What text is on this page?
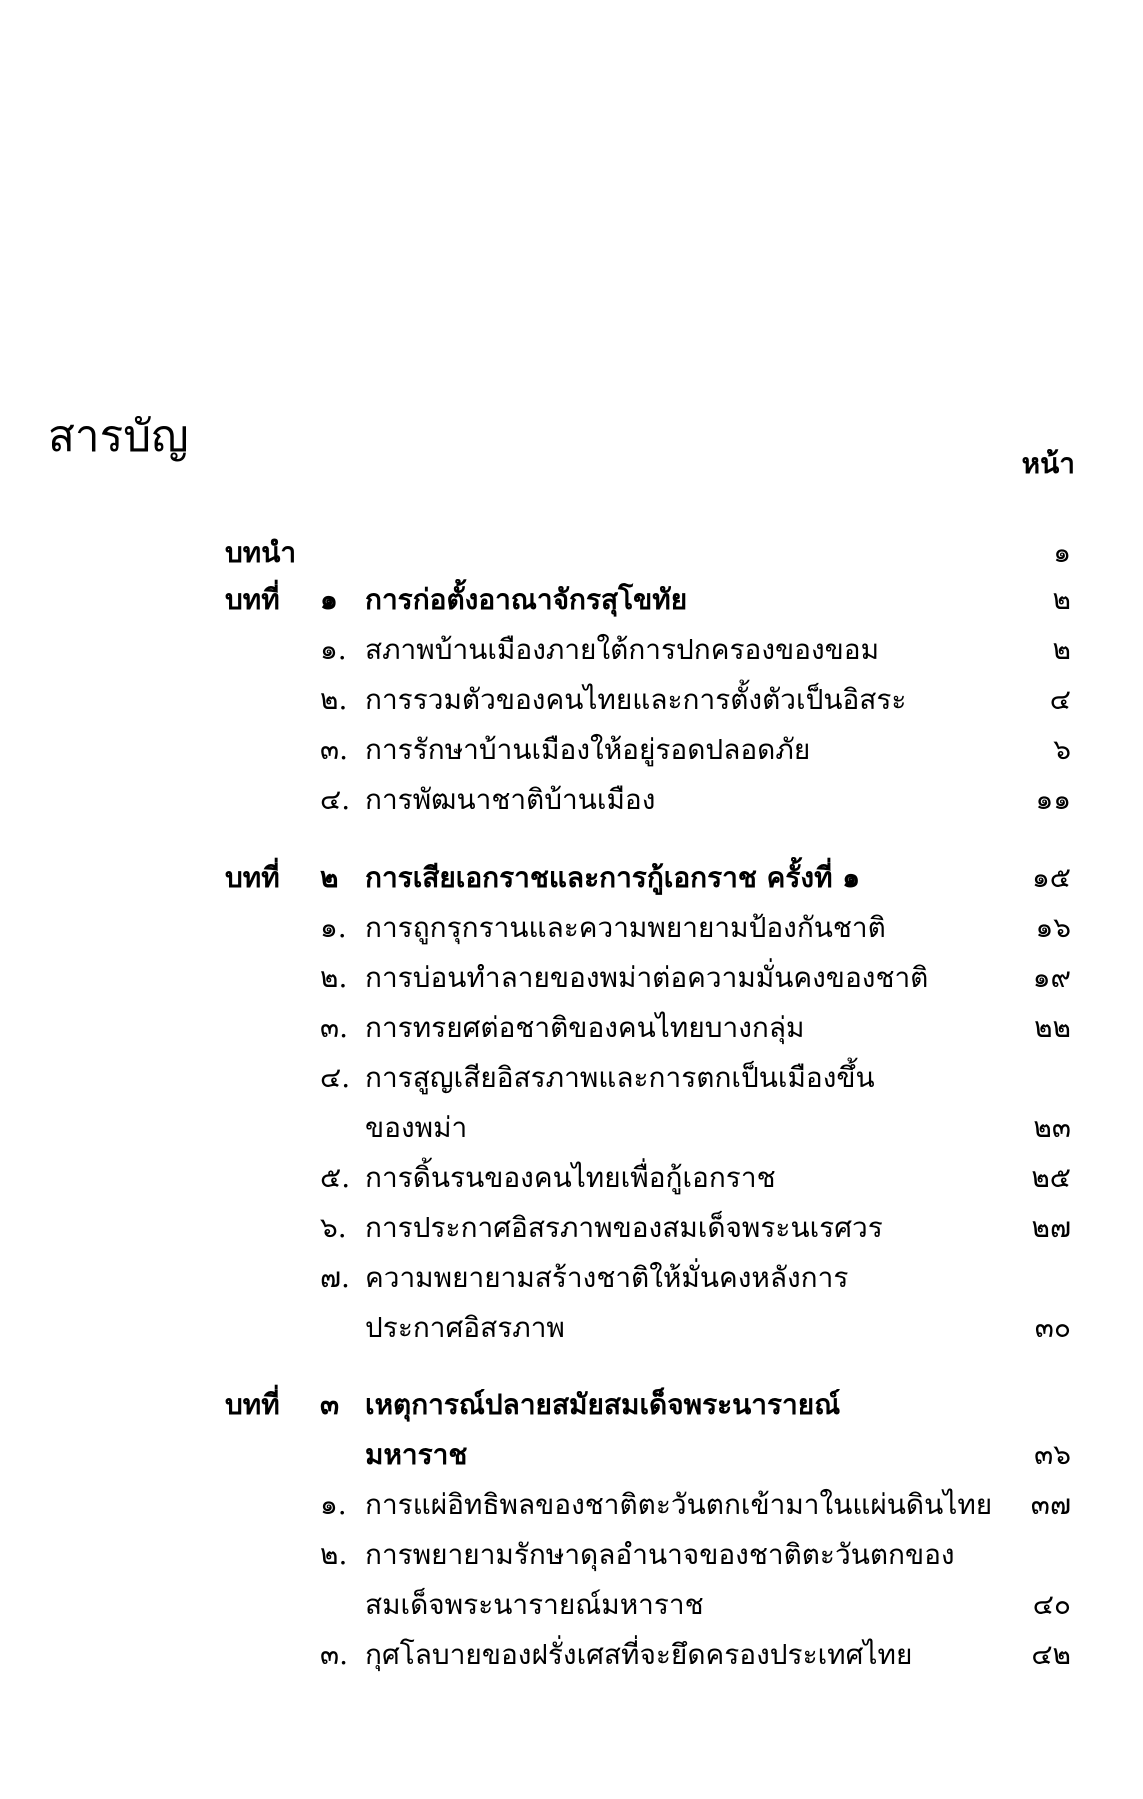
สารบัญ
หน้า
บทนำ	๑
บทที่ ๑ การก่อตั้งอาณาจักรสุโขทัย	๒
๑. สภาพบ้านเมืองภายใต้การปกครองของขอม	๒
๒. การรวมตัวของคนไทยและการตั้งตัวเป็นอิสระ	๔
๓. การรักษาบ้านเมืองให้อยู่รอดปลอดภัย	๖
๔. การพัฒนาชาติบ้านเมือง	๑๑
บทที่ ๒ การเสียเอกราชและการกู้เอกราช ครั้งที่ ๑	๑๕
๑. การถูกรุกรานและความพยายามป้องกันชาติ	๑๖
๒. การบ่อนทำลายของพม่าต่อความมั่นคงของชาติ	๑๙
๓. การทรยศต่อชาติของคนไทยบางกลุ่ม	๒๒
๔. การสูญเสียอิสรภาพและการตกเป็นเมืองขึ้น
ของพม่า	๒๓
๕. การดิ้นรนของคนไทยเพื่อกู้เอกราช	๒๕
๖. การประกาศอิสรภาพของสมเด็จพระนเรศวร	๒๗
๗. ความพยายามสร้างชาติให้มั่นคงหลังการ
ประกาศอิสรภาพ	๓๐
บทที่ ๓ เหตุการณ์ปลายสมัยสมเด็จพระนารายณ์
มหาราช	๓๖
๑. การแผ่อิทธิพลของชาติตะวันตกเข้ามาในแผ่นดินไทย ๓๗
๒. การพยายามรักษาดุลอำนาจของชาติตะวันตกของ
สมเด็จพระนารายณ์มหาราช	๔๐
๓. กุศโลบายของฝรั่งเศสที่จะยึดครองประเทศไทย	๔๒
